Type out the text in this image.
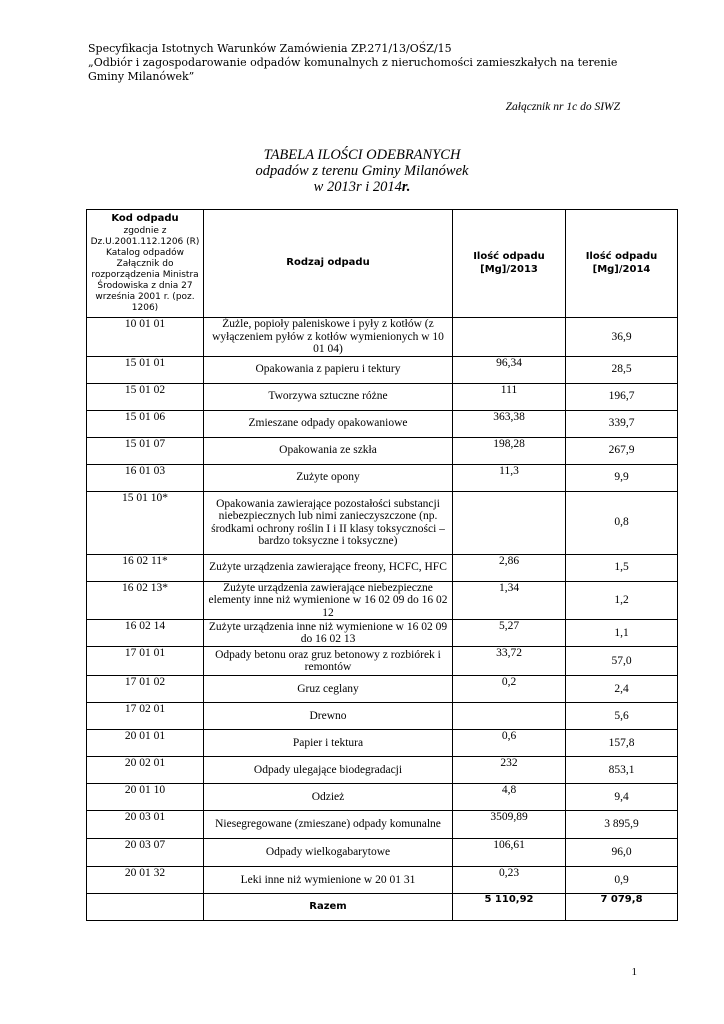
Specyfikacja Istotnych Warunków Zamówienia ZP.271/13/OŚZ/15
„Odbiór i zagospodarowanie odpadów komunalnych z nieruchomości zamieszkałych na terenie Gminy Milanówek”
Załącznik nr 1c do SIWZ
TABELA ILOŚCI ODEBRANYCH
odpadów z terenu Gminy Milanówek
w 2013r i 2014r.
Kod odpadu
zgodnie z Dz.U.2001.112.1206 (R) Katalog odpadów Załącznik do rozporządzenia Ministra Środowiska z dnia 27 września 2001 r. (poz. 1206)	Rodzaj odpadu	Ilość odpadu [Mg]/2013	Ilość odpadu [Mg]/2014
10 01 01	Żużle, popioły paleniskowe i pyły z kotłów (z wyłączeniem pyłów z kotłów wymienionych w 10 01 04)		36,9
15 01 01	Opakowania z papieru i tektury	96,34	28,5
15 01 02	Tworzywa sztuczne różne	111	196,7
15 01 06	Zmieszane odpady opakowaniowe	363,38	339,7
15 01 07	Opakowania ze szkła	198,28	267,9
16 01 03	Zużyte opony	11,3	9,9
15 01 10*	Opakowania zawierające pozostałości substancji niebezpiecznych lub nimi zanieczyszczone (np. środkami ochrony roślin I i II klasy toksyczności – bardzo toksyczne i toksyczne)		0,8
16 02 11*	Zużyte urządzenia zawierające freony, HCFC, HFC	2,86	1,5
16 02 13*	Zużyte urządzenia zawierające niebezpieczne elementy inne niż wymienione w 16 02 09 do 16 02 12	1,34	1,2
16 02 14	Zużyte urządzenia inne niż wymienione w 16 02 09 do 16 02 13	5,27	1,1
17 01 01	Odpady betonu oraz gruz betonowy z rozbiórek i remontów	33,72	57,0
17 01 02	Gruz ceglany	0,2	2,4
17 02 01	Drewno		5,6
20 01 01	Papier i tektura	0,6	157,8
20 02 01	Odpady ulegające biodegradacji	232	853,1
20 01 10	Odzież	4,8	9,4
20 03 01	Niesegregowane (zmieszane) odpady komunalne	3509,89	3 895,9
20 03 07	Odpady wielkogabarytowe	106,61	96,0
20 01 32	Leki inne niż wymienione w 20 01 31	0,23	0,9
	Razem	5 110,92	7 079,8
1
